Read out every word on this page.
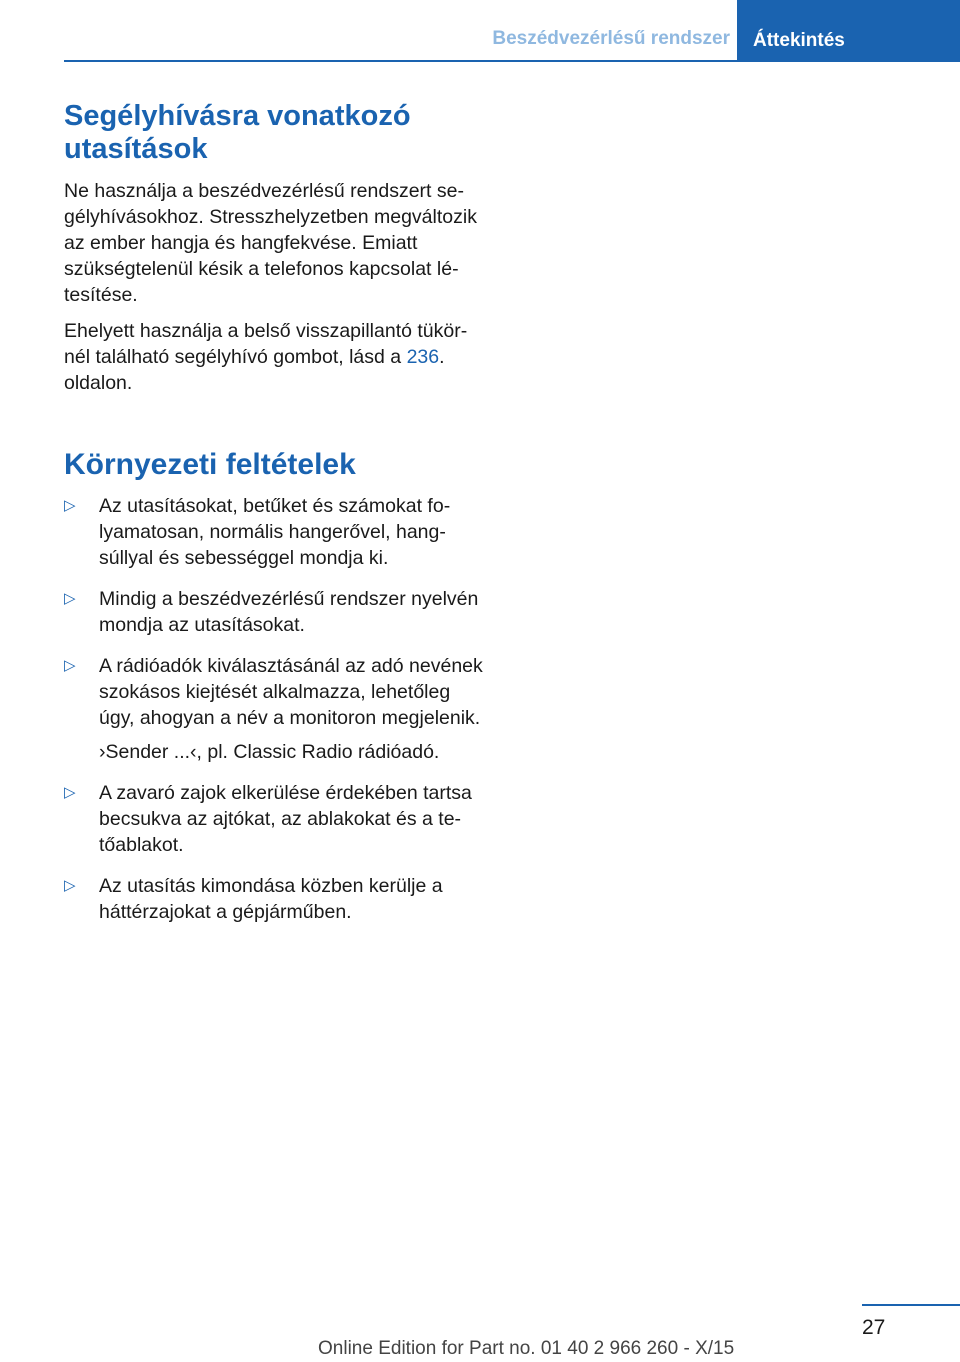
Beszédvezérlésű rendszer	Áttekintés
Segélyhívásra vonatkozó utasítások

Ne használja a beszédvezérlésű rendszert segélyhívásokhoz. Stresszhelyzetben megváltozik az ember hangja és hangfekvése. Emiatt szükségtelenül késik a telefonos kapcsolat létesítése.

Ehelyett használja a belső visszapillantó tükörnél található segélyhívó gombot, lásd a 236. oldalon.

Környezeti feltételek
▷ Az utasításokat, betűket és számokat folyamatosan, normális hangerővel, hangsúllyal és sebességgel mondja ki.
▷ Mindig a beszédvezérlésű rendszer nyelvén mondja az utasításokat.
▷ A rádióadók kiválasztásánál az adó nevének szokásos kiejtését alkalmazza, lehetőleg úgy, ahogyan a név a monitoron megjelenik.
›Sender ...‹, pl. Classic Radio rádióadó.
▷ A zavaró zajok elkerülése érdekében tartsa becsukva az ajtókat, az ablakokat és a tetőablakot.
▷ Az utasítás kimondása közben kerülje a háttérzajokat a gépjárműben.
27
Online Edition for Part no. 01 40 2 966 260 - X/15
